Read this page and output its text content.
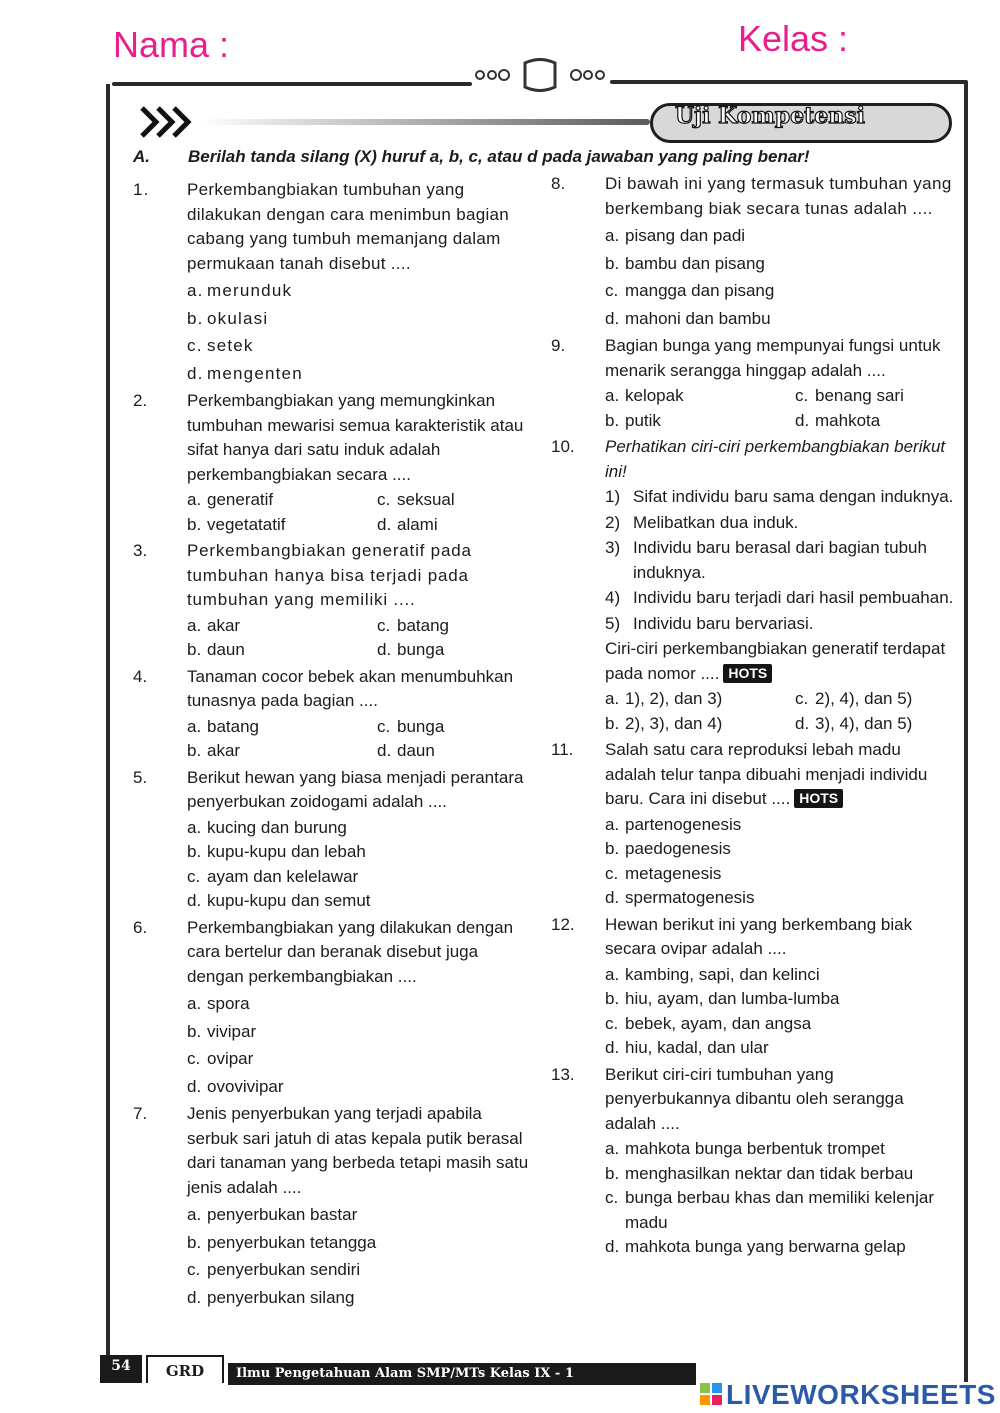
Nama :	Kelas :
Uji Kompetensi
A. Berilah tanda silang (X) huruf a, b, c, atau d pada jawaban yang paling benar!
1. Perkembangbiakan tumbuhan yang dilakukan dengan cara menimbun bagian cabang yang tumbuh memanjang dalam permukaan tanah disebut ....
a. merunduk
b. okulasi
c. setek
d. mengenten
2. Perkembangbiakan yang memungkinkan tumbuhan mewarisi semua karakteristik atau sifat hanya dari satu induk adalah perkembangbiakan secara ....
a. generatif	c. seksual
b. vegetatatif	d. alami
3. Perkembangbiakan generatif pada tumbuhan hanya bisa terjadi pada tumbuhan yang memiliki ....
a. akar	c. batang
b. daun	d. bunga
4. Tanaman cocor bebek akan menumbuhkan tunasnya pada bagian ....
a. batang	c. bunga
b. akar	d. daun
5. Berikut hewan yang biasa menjadi perantara penyerbukan zoidogami adalah ....
a. kucing dan burung
b. kupu-kupu dan lebah
c. ayam dan kelelawar
d. kupu-kupu dan semut
6. Perkembangbiakan yang dilakukan dengan cara bertelur dan beranak disebut juga dengan perkembangbiakan ....
a. spora
b. vivipar
c. ovipar
d. ovovivipar
7. Jenis penyerbukan yang terjadi apabila serbuk sari jatuh di atas kepala putik berasal dari tanaman yang berbeda tetapi masih satu jenis adalah ....
a. penyerbukan bastar
b. penyerbukan tetangga
c. penyerbukan sendiri
d. penyerbukan silang
8. Di bawah ini yang termasuk tumbuhan yang berkembang biak secara tunas adalah ....
a. pisang dan padi
b. bambu dan pisang
c. mangga dan pisang
d. mahoni dan bambu
9. Bagian bunga yang mempunyai fungsi untuk menarik serangga hinggap adalah ....
a. kelopak	c. benang sari
b. putik	d. mahkota
10. Perhatikan ciri-ciri perkembangbiakan berikut ini!
1) Sifat individu baru sama dengan induknya.
2) Melibatkan dua induk.
3) Individu baru berasal dari bagian tubuh induknya.
4) Individu baru terjadi dari hasil pembuahan.
5) Individu baru bervariasi.
Ciri-ciri perkembangbiakan generatif terdapat pada nomor .... HOTS
a. 1), 2), dan 3)	c. 2), 4), dan 5)
b. 2), 3), dan 4)	d. 3), 4), dan 5)
11. Salah satu cara reproduksi lebah madu adalah telur tanpa dibuahi menjadi individu baru. Cara ini disebut .... HOTS
a. partenogenesis
b. paedogenesis
c. metagenesis
d. spermatogenesis
12. Hewan berikut ini yang berkembang biak secara ovipar adalah ....
a. kambing, sapi, dan kelinci
b. hiu, ayam, dan lumba-lumba
c. bebek, ayam, dan angsa
d. hiu, kadal, dan ular
13. Berikut ciri-ciri tumbuhan yang penyerbukannya dibantu oleh serangga adalah ....
a. mahkota bunga berbentuk trompet
b. menghasilkan nektar dan tidak berbau
c. bunga berbau khas dan memiliki kelenjar madu
d. mahkota bunga yang berwarna gelap
54	GRD	Ilmu Pengetahuan Alam SMP/MTs Kelas IX - 1
LIVEWORKSHEETS
